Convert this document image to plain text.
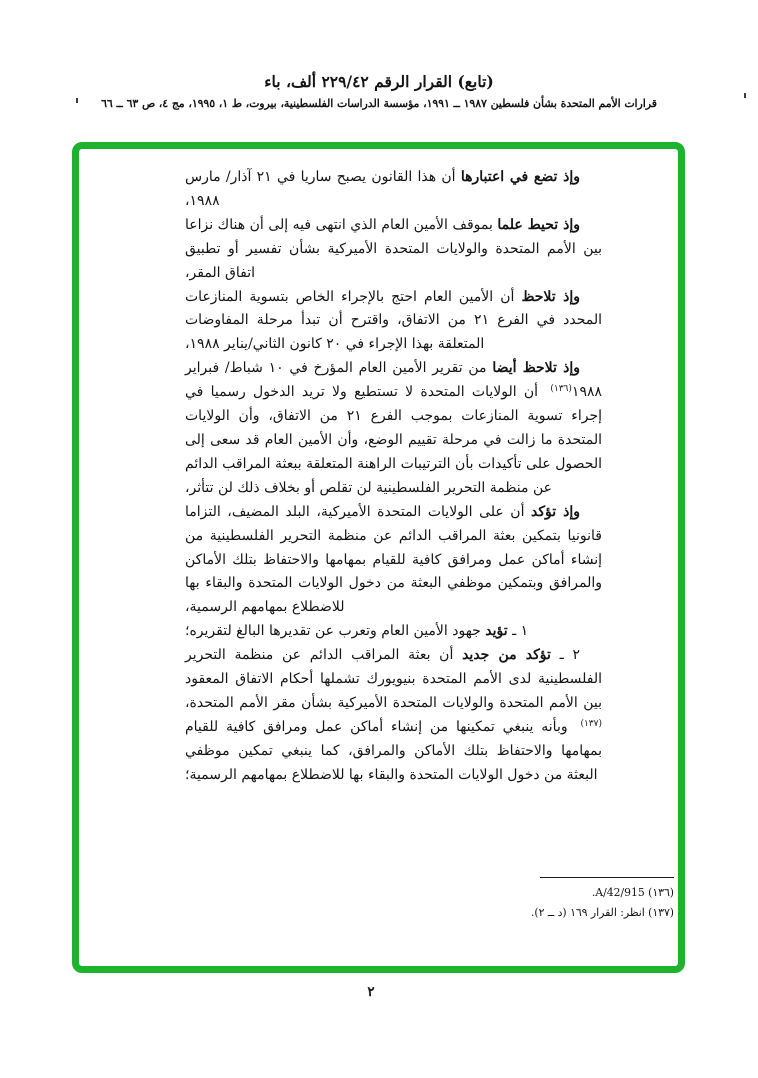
(تابع) القرار الرقم ٢٢٩/٤٢ ألف، باء
قرارات الأمم المتحدة بشأن فلسطين ١٩٨٧ ــ ١٩٩١، مؤسسة الدراسات الفلسطينية، بيروت، ط ١، ١٩٩٥، مج ٤، ص ٦٣ ــ ٦٦

وإذ تضع في اعتبارها أن هذا القانون يصبح ساريا في ٢١ آذار/ مارس ١٩٨٨،

وإذ تحيط علما بموقف الأمين العام الذي انتهى فيه إلى أن هناك نزاعا بين الأمم المتحدة والولايات المتحدة الأميركية بشأن تفسير أو تطبيق اتفاق المقر،

وإذ تلاحظ أن الأمين العام احتج بالإجراء الخاص بتسوية المنازعات المحدد في الفرع ٢١ من الاتفاق، واقترح أن تبدأ مرحلة المفاوضات المتعلقة بهذا الإجراء في ٢٠ كانون الثاني/يناير ١٩٨٨،

وإذ تلاحظ أيضا من تقرير الأمين العام المؤرخ في ١٠ شباط/ فبراير ١٩٨٨$^{(١٣٦)}$ أن الولايات المتحدة لا تستطيع ولا تريد الدخول رسميا في إجراء تسوية المنازعات بموجب الفرع ٢١ من الاتفاق، وأن الولايات المتحدة ما زالت في مرحلة تقييم الوضع، وأن الأمين العام قد سعى إلى الحصول على تأكيدات بأن الترتيبات الراهنة المتعلقة ببعثة المراقب الدائم عن منظمة التحرير الفلسطينية لن تقلص أو بخلاف ذلك لن تتأثر،

وإذ تؤكد أن على الولايات المتحدة الأميركية، البلد المضيف، التزاما قانونيا بتمكين بعثة المراقب الدائم عن منظمة التحرير الفلسطينية من إنشاء أماكن عمل ومرافق كافية للقيام بمهامها والاحتفاظ بتلك الأماكن والمرافق وبتمكين موظفي البعثة من دخول الولايات المتحدة والبقاء بها للاضطلاع بمهامهم الرسمية،

١ ـ تؤيد جهود الأمين العام وتعرب عن تقديرها البالغ لتقريره؛

٢ ـ تؤكد من جديد أن بعثة المراقب الدائم عن منظمة التحرير الفلسطينية لدى الأمم المتحدة بنيويورك تشملها أحكام الاتفاق المعقود بين الأمم المتحدة والولايات المتحدة الأميركية بشأن مقر الأمم المتحدة،$^{(١٣٧)}$ وبأنه ينبغي تمكينها من إنشاء أماكن عمل ومرافق كافية للقيام بمهامها والاحتفاظ بتلك الأماكن والمرافق، كما ينبغي تمكين موظفي البعثة من دخول الولايات المتحدة والبقاء بها للاضطلاع بمهامهم الرسمية؛

(١٣٦) A/42/915.

(١٣٧) انظر: القرار ١٦٩ (د ــ ٢).

٢
